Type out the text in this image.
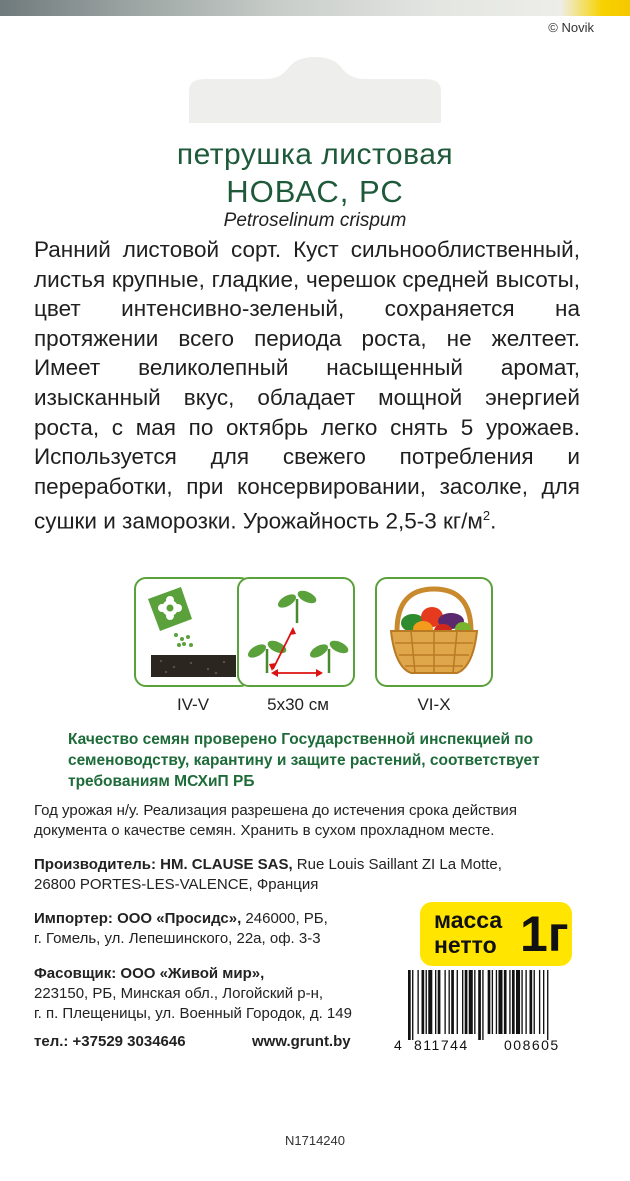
© Novik
петрушка листовая
НОВАС, РС
Petroselinum crispum

Ранний листовой сорт. Куст сильнооблиственный, листья крупные, гладкие, черешок средней высоты, цвет интенсивно-зеленый, сохраняется на протяжении всего периода роста, не желтеет. Имеет великолепный насыщенный аромат, изысканный вкус, обладает мощной энергией роста, с мая по октябрь легко снять 5 урожаев. Используется для свежего потребления и переработки, при консервировании, засолке, для сушки и заморозки. Урожайность 2,5-3 $кг/м^2$.

IV-V	5x30 см	VI-X
Качество семян проверено Государственной инспекцией по семеноводству, карантину и защите растений, соответствует требованиям МСХиП РБ
Год урожая н/у. Реализация разрешена до истечения срока действия документа о качестве семян. Хранить в сухом прохладном месте.
Производитель: HM. CLAUSE SAS, Rue Louis Saillant ZI La Motte,
26800 PORTES-LES-VALENCE, Франция
Импортер: ООО «Просидс», 246000, РБ,
г. Гомель, ул. Лепешинского, 22а, оф. 3-3
Фасовщик: ООО «Живой мир»,
223150, РБ, Минская обл., Логойский р-н,
г. п. Плещеницы, ул. Военный Городок, д. 149
тел.: +37529 3034646	www.grunt.by
масса
нетто 1г
4 811744	008605
N1714240
